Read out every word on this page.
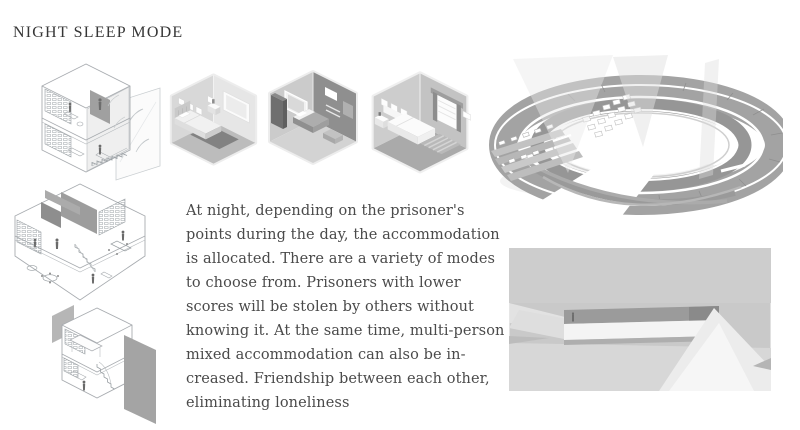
NIGHT SLEEP MODE
At night, depending on the prisoner's
points during the day, the accommodation
is allocated. There are a variety of modes
to choose from. Prisoners with lower
scores will be stolen by others without
knowing it. At the same time, multi-person
mixed accommodation can also be in-
creased. Friendship between each other,
eliminating loneliness
